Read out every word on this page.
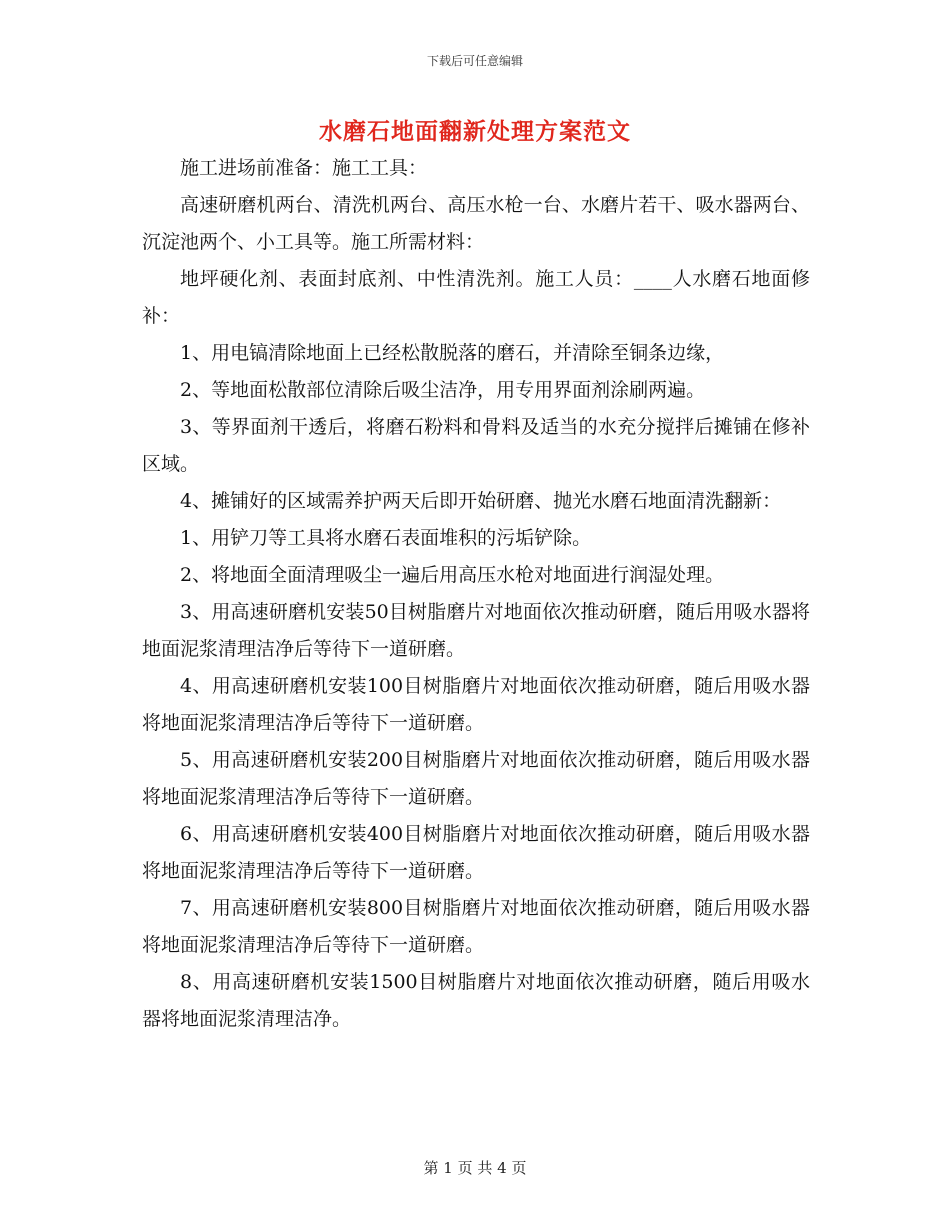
下载后可任意编辑
水磨石地面翻新处理方案范文

施工进场前准备：施工工具：

高速研磨机两台、清洗机两台、高压水枪一台、水磨片若干、吸水器两台、沉淀池两个、小工具等。施工所需材料：

地坪硬化剂、表面封底剂、中性清洗剂。施工人员：____人水磨石地面修补：

1、用电镐清除地面上已经松散脱落的磨石，并清除至铜条边缘，

2、等地面松散部位清除后吸尘洁净，用专用界面剂涂刷两遍。

3、等界面剂干透后，将磨石粉料和骨料及适当的水充分搅拌后摊铺在修补区域。

4、摊铺好的区域需养护两天后即开始研磨、抛光水磨石地面清洗翻新：

1、用铲刀等工具将水磨石表面堆积的污垢铲除。

2、将地面全面清理吸尘一遍后用高压水枪对地面进行润湿处理。

3、用高速研磨机安装50目树脂磨片对地面依次推动研磨，随后用吸水器将地面泥浆清理洁净后等待下一道研磨。

4、用高速研磨机安装100目树脂磨片对地面依次推动研磨，随后用吸水器将地面泥浆清理洁净后等待下一道研磨。

5、用高速研磨机安装200目树脂磨片对地面依次推动研磨，随后用吸水器将地面泥浆清理洁净后等待下一道研磨。

6、用高速研磨机安装400目树脂磨片对地面依次推动研磨，随后用吸水器将地面泥浆清理洁净后等待下一道研磨。

7、用高速研磨机安装800目树脂磨片对地面依次推动研磨，随后用吸水器将地面泥浆清理洁净后等待下一道研磨。

8、用高速研磨机安装1500目树脂磨片对地面依次推动研磨，随后用吸水器将地面泥浆清理洁净。

第 1 页 共 4 页
